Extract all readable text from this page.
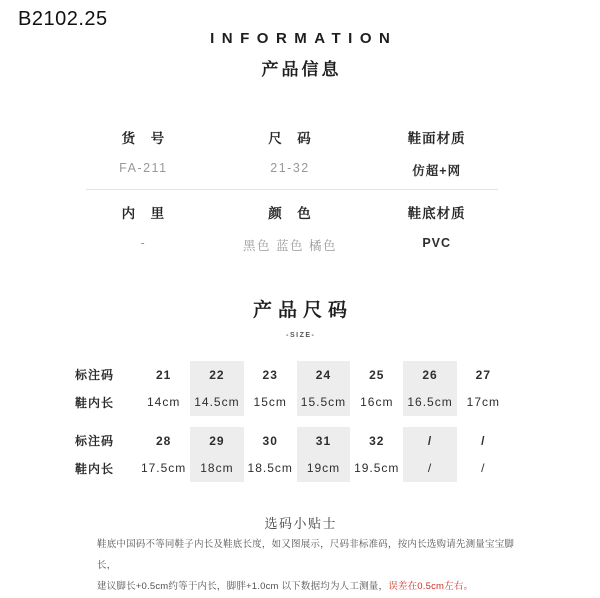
B2102.25
INFORMATION
产品信息
货　号
FA-211
尺　码
21-32
鞋面材质
仿超+网
内　里
-
颜　色
黑色 蓝色 橘色
鞋底材质
PVC
产品尺码
-SIZE-
标注码
鞋内长
21
14cm
22
14.5cm
23
15cm
24
15.5cm
25
16cm
26
16.5cm
27
17cm
标注码
鞋内长
28
17.5cm
29
18cm
30
18.5cm
31
19cm
32
19.5cm
/
/
/
/
选码小贴士
鞋底中国码不等同鞋子内长及鞋底长度，如又图展示，尺码非标准码，按内长选购请先测量宝宝脚长，
建议脚长+0.5cm约等于内长，脚胖+1.0cm 以下数据均为人工测量，误差在0.5cm左右。
